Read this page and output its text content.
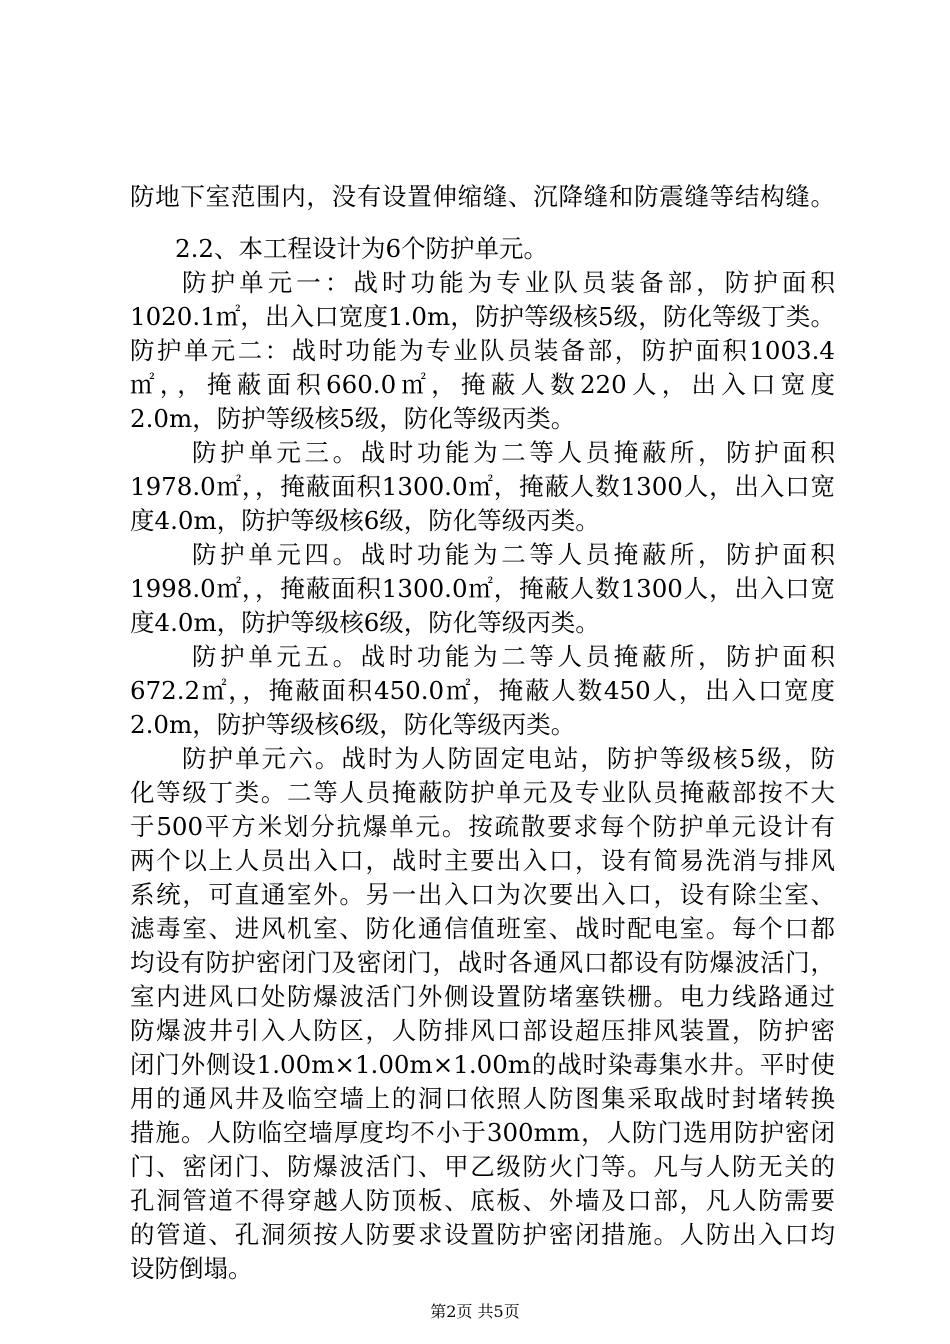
防地下室范围内，没有设置伸缩缝、沉降缝和防震缝等结构缝。
2.2、本工程设计为6个防护单元。
防护单元一：战时功能为专业队员装备部，防护面积
1020.1㎡，出入口宽度1.0m，防护等级核5级，防化等级丁类。
防护单元二：战时功能为专业队员装备部，防护面积1003.4
㎡，，掩蔽面积660.0㎡，掩蔽人数220人，出入口宽度
2.0m，防护等级核5级，防化等级丙类。
防护单元三。战时功能为二等人员掩蔽所，防护面积
1978.0㎡，，掩蔽面积1300.0㎡，掩蔽人数1300人，出入口宽
度4.0m，防护等级核6级，防化等级丙类。
防护单元四。战时功能为二等人员掩蔽所，防护面积
1998.0㎡，，掩蔽面积1300.0㎡，掩蔽人数1300人，出入口宽
度4.0m，防护等级核6级，防化等级丙类。
防护单元五。战时功能为二等人员掩蔽所，防护面积
672.2㎡，，掩蔽面积450.0㎡，掩蔽人数450人，出入口宽度
2.0m，防护等级核6级，防化等级丙类。
防护单元六。战时为人防固定电站，防护等级核5级，防
化等级丁类。二等人员掩蔽防护单元及专业队员掩蔽部按不大
于500平方米划分抗爆单元。按疏散要求每个防护单元设计有
两个以上人员出入口，战时主要出入口，设有简易洗消与排风
系统，可直通室外。另一出入口为次要出入口，设有除尘室、
滤毒室、进风机室、防化通信值班室、战时配电室。每个口都
均设有防护密闭门及密闭门，战时各通风口都设有防爆波活门，
室内进风口处防爆波活门外侧设置防堵塞铁栅。电力线路通过
防爆波井引入人防区，人防排风口部设超压排风装置，防护密
闭门外侧设1.00m×1.00m×1.00m的战时染毒集水井。平时使
用的通风井及临空墙上的洞口依照人防图集采取战时封堵转换
措施。人防临空墙厚度均不小于300mm，人防门选用防护密闭
门、密闭门、防爆波活门、甲乙级防火门等。凡与人防无关的
孔洞管道不得穿越人防顶板、底板、外墙及口部，凡人防需要
的管道、孔洞须按人防要求设置防护密闭措施。人防出入口均
设防倒塌。
第2页 共5页
